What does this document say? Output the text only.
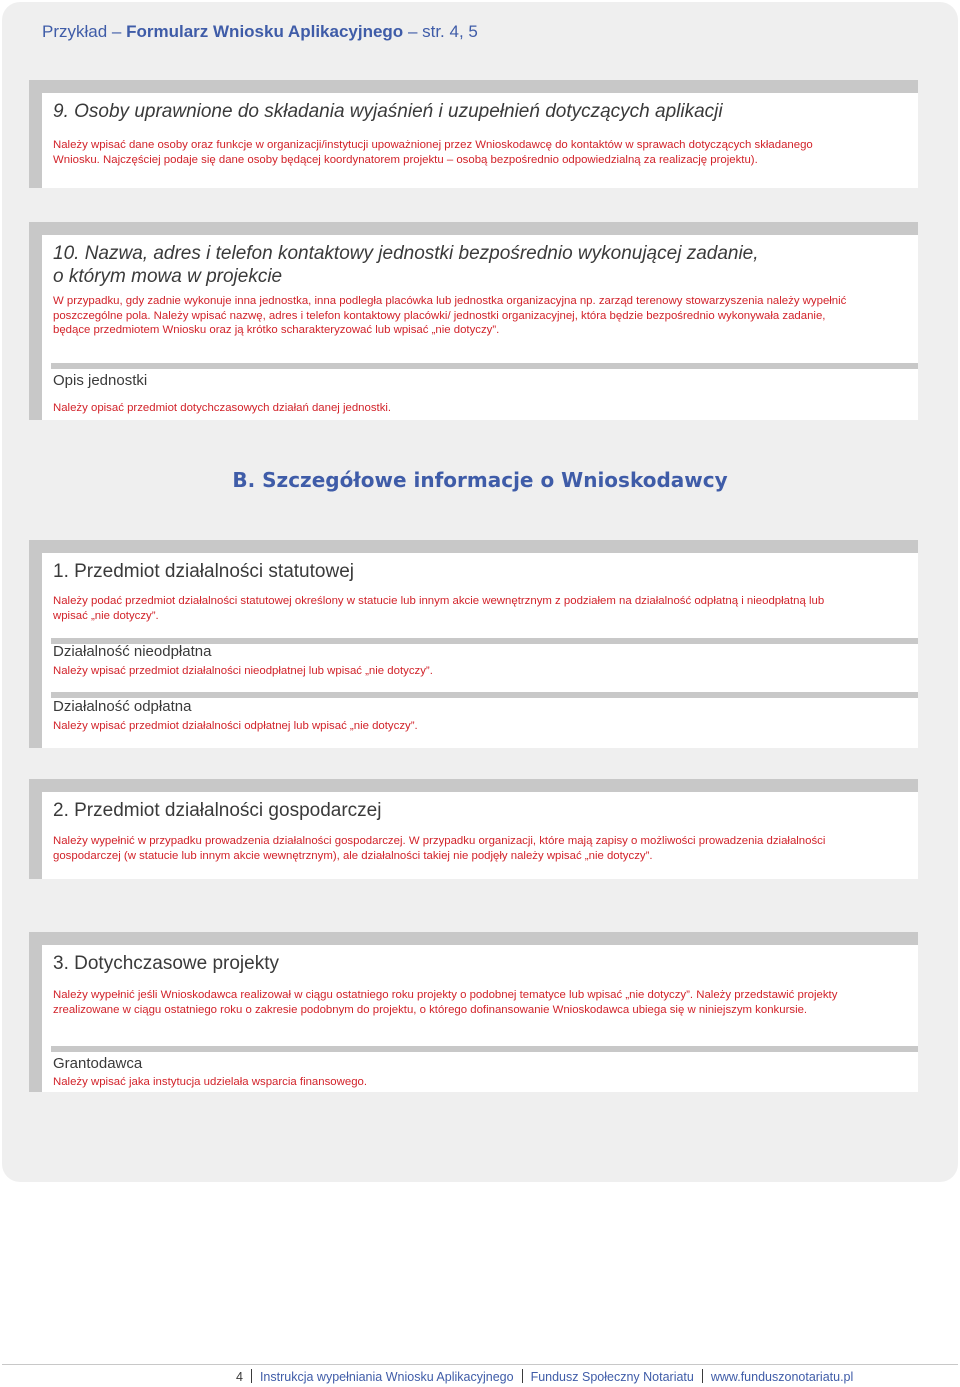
Przykład – Formularz Wniosku Aplikacyjnego – str. 4, 5
9. Osoby uprawnione do składania wyjaśnień i uzupełnień dotyczących aplikacji
Należy wpisać dane osoby oraz funkcje w organizacji/instytucji upoważnionej przez Wnioskodawcę do kontaktów w sprawach dotyczących składanego Wniosku. Najczęściej podaje się dane osoby będącej koordynatorem projektu – osobą bezpośrednio odpowiedzialną za realizację projektu).
10. Nazwa, adres i telefon kontaktowy jednostki bezpośrednio wykonującej zadanie,
o którym mowa w projekcie
W przypadku, gdy zadnie wykonuje inna jednostka, inna podległa placówka lub jednostka organizacyjna np. zarząd terenowy stowarzyszenia należy wypełnić poszczególne pola. Należy wpisać nazwę, adres i telefon kontaktowy placówki/ jednostki organizacyjnej, która będzie bezpośrednio wykonywała zadanie, będące przedmiotem Wniosku oraz ją krótko scharakteryzować lub wpisać „nie dotyczy”.
Opis jednostki
Należy opisać przedmiot dotychczasowych działań danej jednostki.
B. Szczegółowe informacje o Wnioskodawcy
1. Przedmiot działalności statutowej
Należy podać przedmiot działalności statutowej określony w statucie lub innym akcie wewnętrznym z podziałem na działalność odpłatną i nieodpłatną lub wpisać „nie dotyczy”.
Działalność nieodpłatna
Należy wpisać przedmiot działalności nieodpłatnej lub wpisać „nie dotyczy”.
Działalność odpłatna
Należy wpisać przedmiot działalności odpłatnej lub wpisać „nie dotyczy”.
2. Przedmiot działalności gospodarczej
Należy wypełnić w przypadku prowadzenia działalności gospodarczej. W przypadku organizacji, które mają zapisy o możliwości prowadzenia działalności gospodarczej (w statucie lub innym akcie wewnętrznym), ale działalności takiej nie podjęły należy wpisać „nie dotyczy”.
3. Dotychczasowe projekty
Należy wypełnić jeśli Wnioskodawca realizował w ciągu ostatniego roku projekty o podobnej tematyce lub wpisać „nie dotyczy”. Należy przedstawić projekty zrealizowane w ciągu ostatniego roku o zakresie podobnym do projektu, o którego dofinansowanie Wnioskodawca ubiega się w niniejszym konkursie.
Grantodawca
Należy wpisać jaka instytucja udzielała wsparcia finansowego.
4 Instrukcja wypełniania Wniosku Aplikacyjnego Fundusz Społeczny Notariatu www.funduszonotariatu.pl
